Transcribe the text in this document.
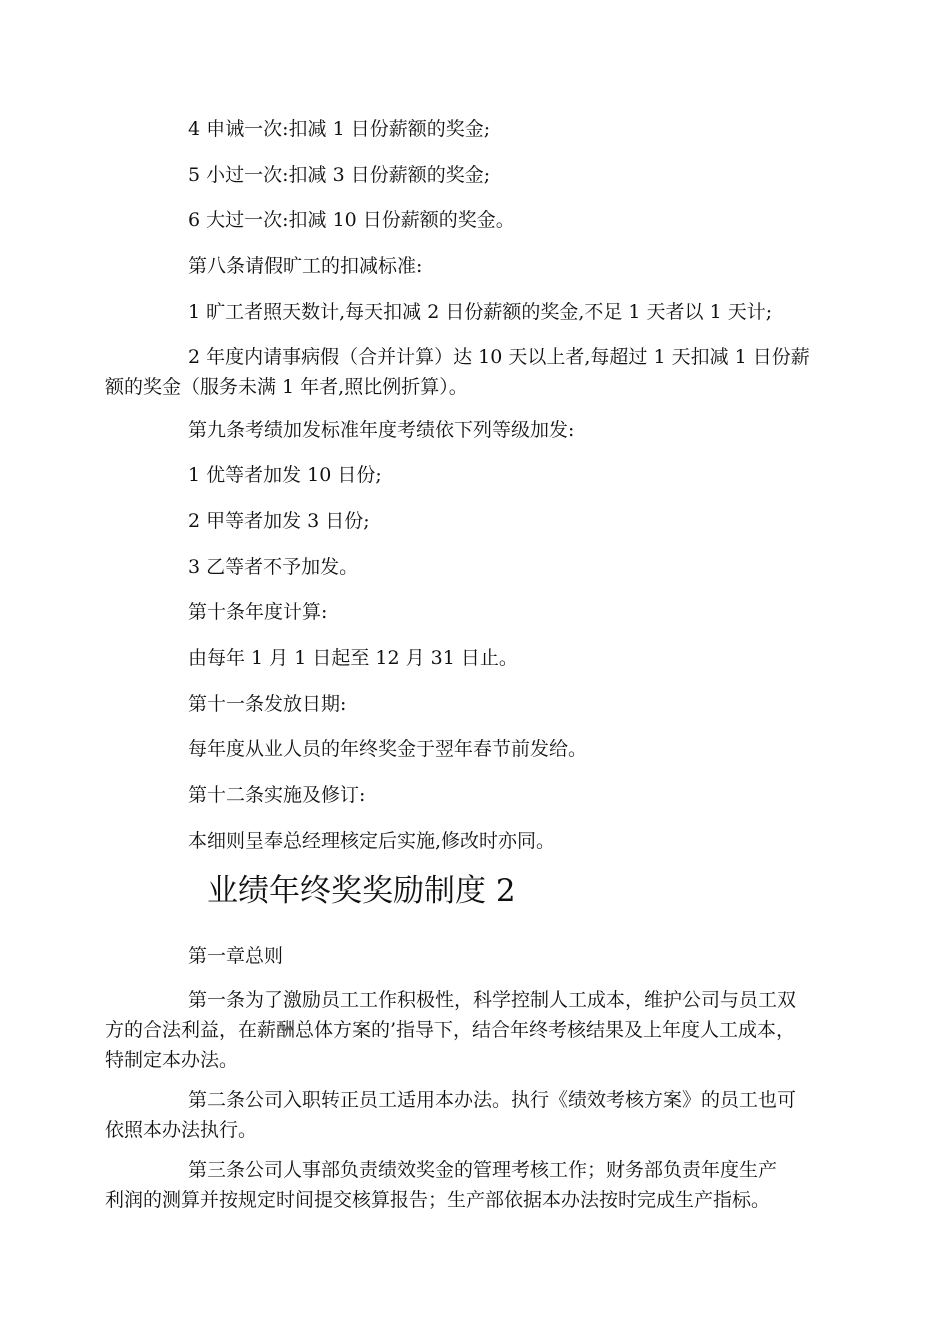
4 申诫一次:扣减 1 日份薪额的奖金;

5 小过一次:扣减 3 日份薪额的奖金;

6 大过一次:扣减 10 日份薪额的奖金。

第八条请假旷工的扣减标准:

1 旷工者照天数计,每天扣减 2 日份薪额的奖金,不足 1 天者以 1 天计;

2 年度内请事病假（合并计算）达 10 天以上者,每超过 1 天扣减 1 日份薪
额的奖金（服务未满 1 年者,照比例折算）。

第九条考绩加发标准年度考绩依下列等级加发:

1 优等者加发 10 日份;

2 甲等者加发 3 日份;

3 乙等者不予加发。

第十条年度计算:

由每年 1 月 1 日起至 12 月 31 日止。

第十一条发放日期:

每年度从业人员的年终奖金于翌年春节前发给。

第十二条实施及修订:

本细则呈奉总经理核定后实施,修改时亦同。

业绩年终奖奖励制度 2

第一章总则

第一条为了激励员工工作积极性，科学控制人工成本，维护公司与员工双
方的合法利益，在薪酬总体方案的’指导下，结合年终考核结果及上年度人工成本，
特制定本办法。
第二条公司入职转正员工适用本办法。执行《绩效考核方案》的员工也可
依照本办法执行。
第三条公司人事部负责绩效奖金的管理考核工作；财务部负责年度生产
利润的测算并按规定时间提交核算报告；生产部依据本办法按时完成生产指标。
